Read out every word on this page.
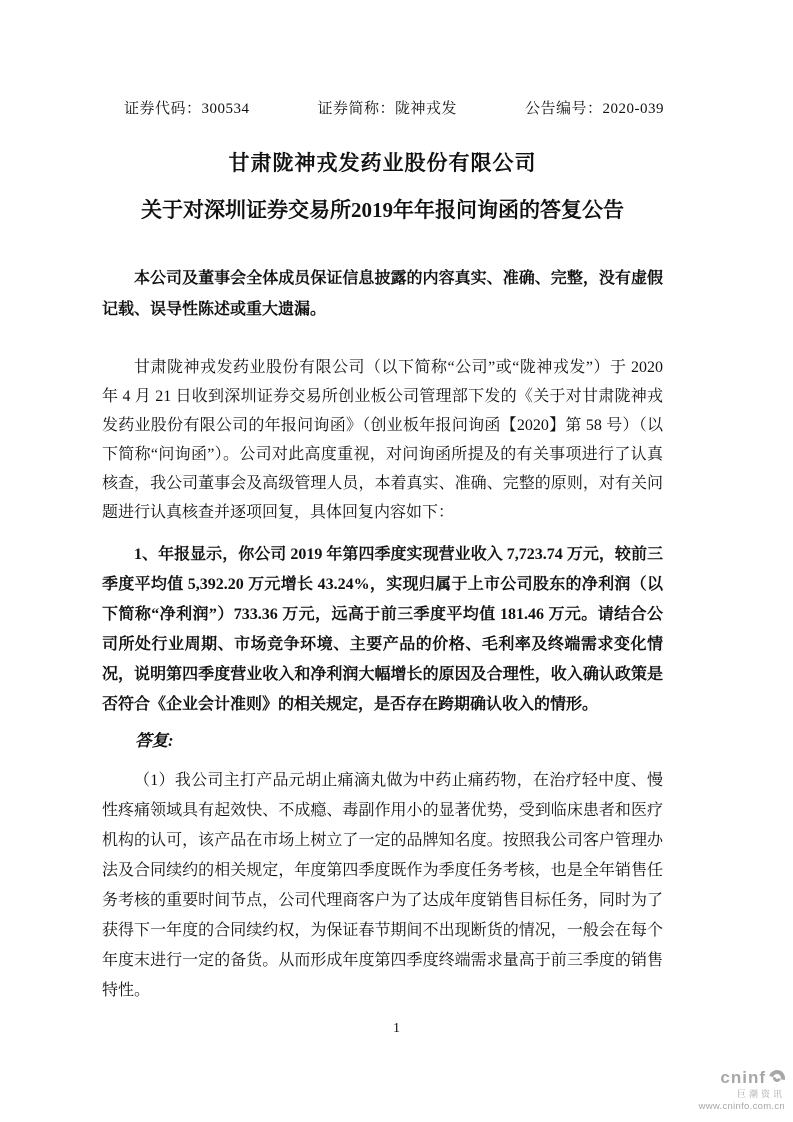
证券代码：300534	证券简称：陇神戎发	公告编号：2020-039
甘肃陇神戎发药业股份有限公司
关于对深圳证券交易所2019年年报问询函的答复公告

本公司及董事会全体成员保证信息披露的内容真实、准确、完整，没有虚假记载、误导性陈述或重大遗漏。

甘肃陇神戎发药业股份有限公司（以下简称“公司”或“陇神戎发”）于 2020 年 4 月 21 日收到深圳证券交易所创业板公司管理部下发的《关于对甘肃陇神戎发药业股份有限公司的年报问询函》（创业板年报问询函【2020】第 58 号）（以下简称“问询函”）。公司对此高度重视，对问询函所提及的有关事项进行了认真核查，我公司董事会及高级管理人员，本着真实、准确、完整的原则，对有关问题进行认真核查并逐项回复，具体回复内容如下：

1、年报显示，你公司 2019 年第四季度实现营业收入 7,723.74 万元，较前三季度平均值 5,392.20 万元增长 43.24%，实现归属于上市公司股东的净利润（以下简称“净利润”）733.36 万元，远高于前三季度平均值 181.46 万元。请结合公司所处行业周期、市场竞争环境、主要产品的价格、毛利率及终端需求变化情况，说明第四季度营业收入和净利润大幅增长的原因及合理性，收入确认政策是否符合《企业会计准则》的相关规定，是否存在跨期确认收入的情形。

答复:

（1）我公司主打产品元胡止痛滴丸做为中药止痛药物，在治疗轻中度、慢性疼痛领域具有起效快、不成瘾、毒副作用小的显著优势，受到临床患者和医疗机构的认可，该产品在市场上树立了一定的品牌知名度。按照我公司客户管理办法及合同续约的相关规定，年度第四季度既作为季度任务考核，也是全年销售任务考核的重要时间节点，公司代理商客户为了达成年度销售目标任务，同时为了获得下一年度的合同续约权，为保证春节期间不出现断货的情况，一般会在每个年度末进行一定的备货。从而形成年度第四季度终端需求量高于前三季度的销售特性。

1
cninf
巨潮资讯
www.cninfo.com.cn
